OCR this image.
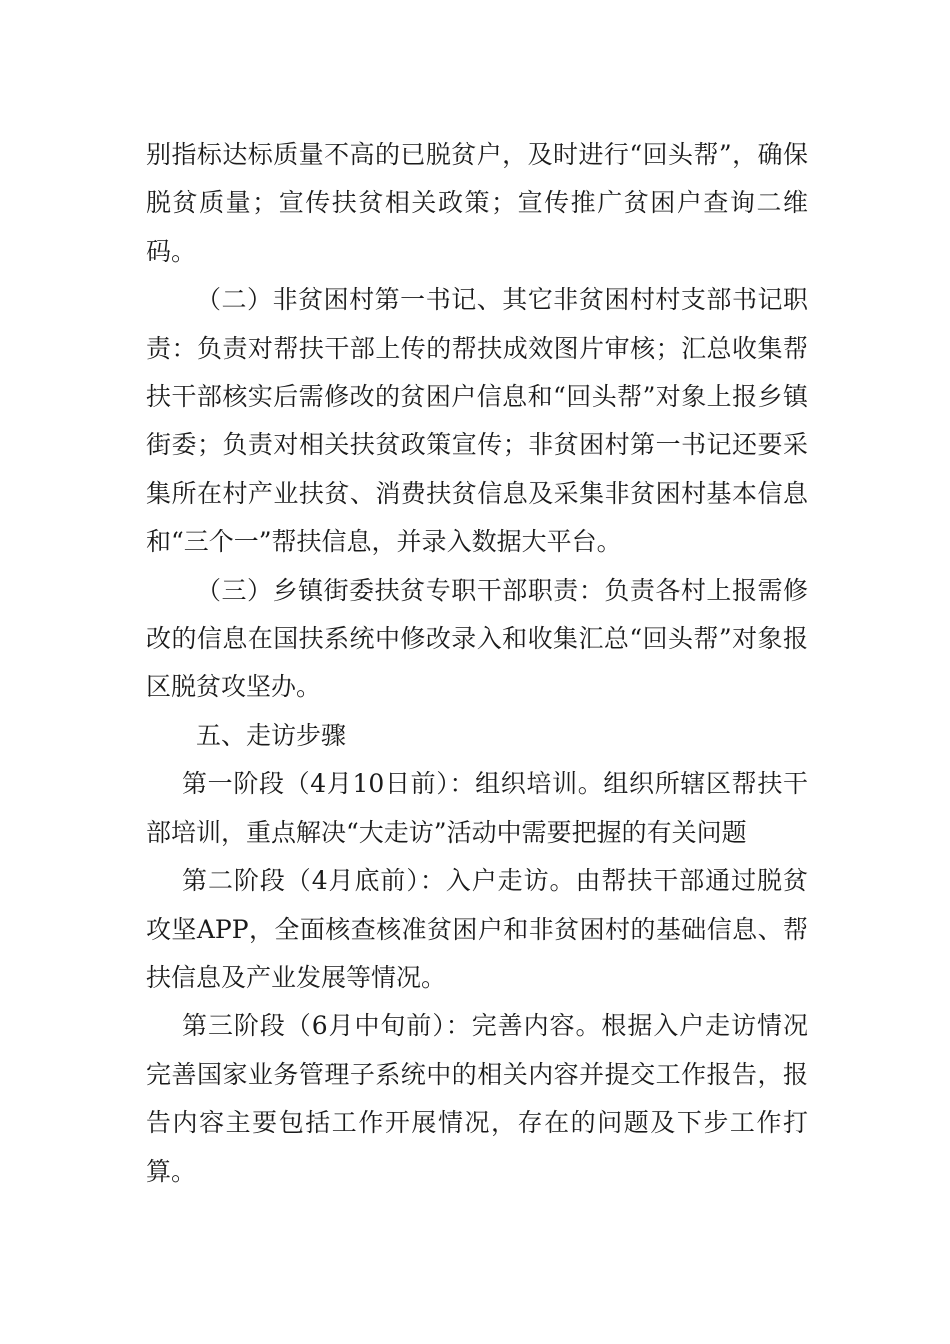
别指标达标质量不高的已脱贫户，及时进行“回头帮”，确保脱贫质量；宣传扶贫相关政策；宣传推广贫困户查询二维码。

（二）非贫困村第一书记、其它非贫困村村支部书记职责：负责对帮扶干部上传的帮扶成效图片审核；汇总收集帮扶干部核实后需修改的贫困户信息和“回头帮”对象上报乡镇街委；负责对相关扶贫政策宣传；非贫困村第一书记还要采集所在村产业扶贫、消费扶贫信息及采集非贫困村基本信息和“三个一”帮扶信息，并录入数据大平台。

（三）乡镇街委扶贫专职干部职责：负责各村上报需修改的信息在国扶系统中修改录入和收集汇总“回头帮”对象报区脱贫攻坚办。

五、走访步骤

第一阶段（4月10日前）：组织培训。组织所辖区帮扶干部培训，重点解决“大走访”活动中需要把握的有关问题

第二阶段（4月底前）：入户走访。由帮扶干部通过脱贫攻坚APP，全面核查核准贫困户和非贫困村的基础信息、帮扶信息及产业发展等情况。

第三阶段（6月中旬前）：完善内容。根据入户走访情况完善国家业务管理子系统中的相关内容并提交工作报告，报告内容主要包括工作开展情况，存在的问题及下步工作打算。
